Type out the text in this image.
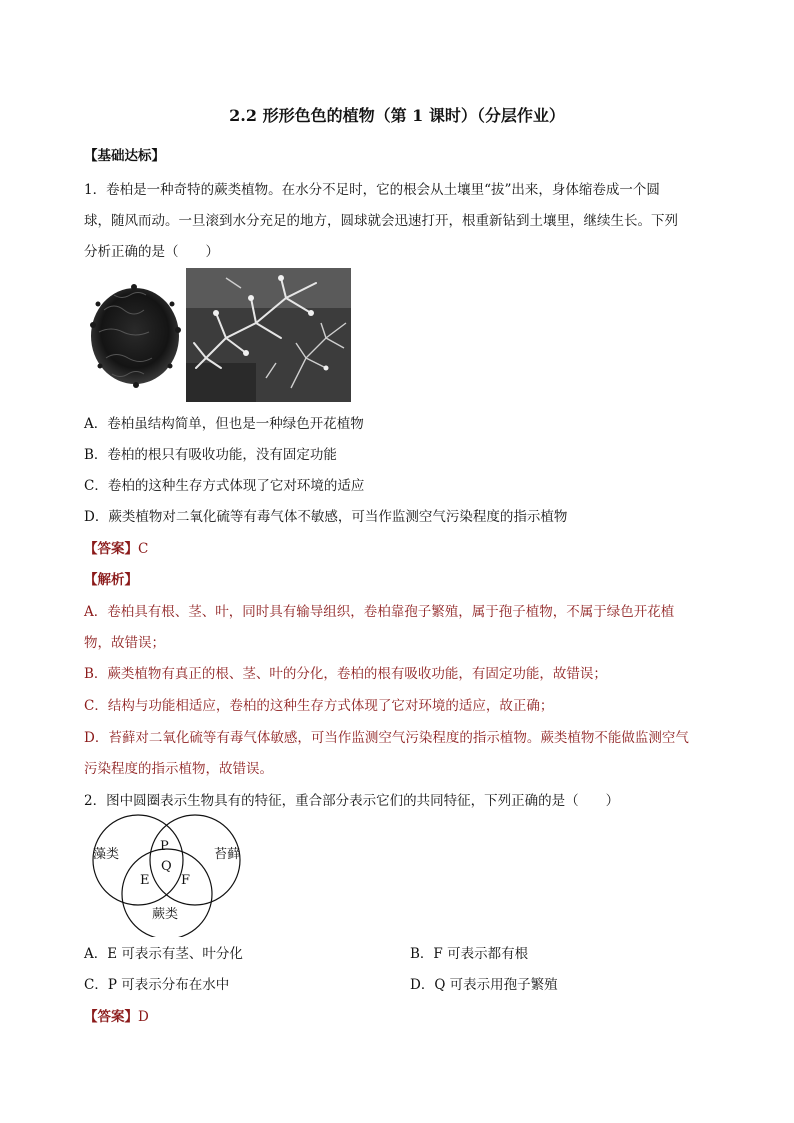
2.2 形形色色的植物（第 1 课时）（分层作业）
【基础达标】
1．卷柏是一种奇特的蕨类植物。在水分不足时，它的根会从土壤里“拔”出来，身体缩卷成一个圆
球，随风而动。一旦滚到水分充足的地方，圆球就会迅速打开，根重新钻到土壤里，继续生长。下列
分析正确的是（　　）
A．卷柏虽结构简单，但也是一种绿色开花植物
B．卷柏的根只有吸收功能，没有固定功能
C．卷柏的这种生存方式体现了它对环境的适应
D．蕨类植物对二氧化硫等有毒气体不敏感，可当作监测空气污染程度的指示植物
【答案】C
【解析】
A．卷柏具有根、茎、叶，同时具有输导组织，卷柏靠孢子繁殖，属于孢子植物，不属于绿色开花植
物，故错误；
B．蕨类植物有真正的根、茎、叶的分化，卷柏的根有吸收功能，有固定功能，故错误；
C．结构与功能相适应，卷柏的这种生存方式体现了它对环境的适应，故正确；
D．苔藓对二氧化硫等有毒气体敏感，可当作监测空气污染程度的指示植物。蕨类植物不能做监测空气
污染程度的指示植物，故错误。
2．图中圆圈表示生物具有的特征，重合部分表示它们的共同特征，下列正确的是（　　）
藻类	苔藓
蕨类
P
Q
E F
A．E 可表示有茎、叶分化	B．F 可表示都有根
C．P 可表示分布在水中	D．Q 可表示用孢子繁殖
【答案】D
